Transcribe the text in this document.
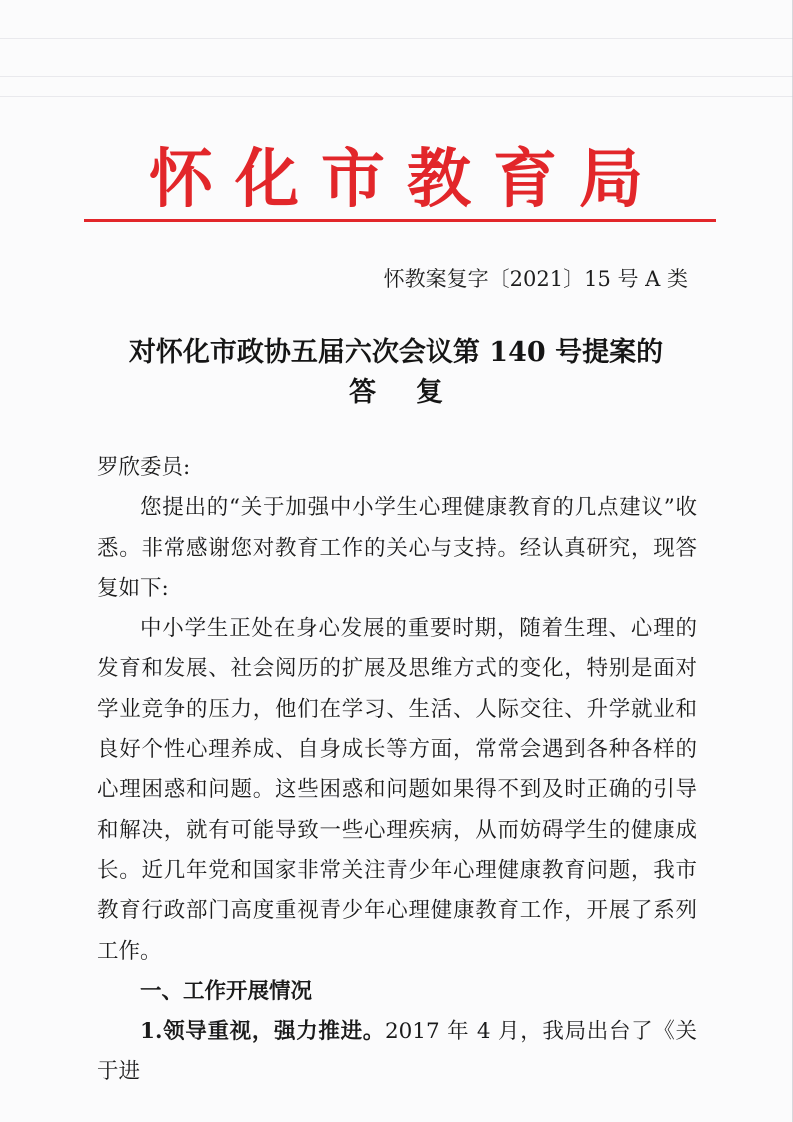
怀化市教育局
怀教案复字〔2021〕15 号 A 类
对怀化市政协五届六次会议第 140 号提案的
答复

罗欣委员:

您提出的“关于加强中小学生心理健康教育的几点建议”收悉。非常感谢您对教育工作的关心与支持。经认真研究，现答复如下:

中小学生正处在身心发展的重要时期，随着生理、心理的发育和发展、社会阅历的扩展及思维方式的变化，特别是面对学业竞争的压力，他们在学习、生活、人际交往、升学就业和良好个性心理养成、自身成长等方面，常常会遇到各种各样的心理困惑和问题。这些困惑和问题如果得不到及时正确的引导和解决，就有可能导致一些心理疾病，从而妨碍学生的健康成长。近几年党和国家非常关注青少年心理健康教育问题，我市教育行政部门高度重视青少年心理健康教育工作，开展了系列工作。

一、工作开展情况

1.领导重视，强力推进。2017 年 4 月，我局出台了《关于进
